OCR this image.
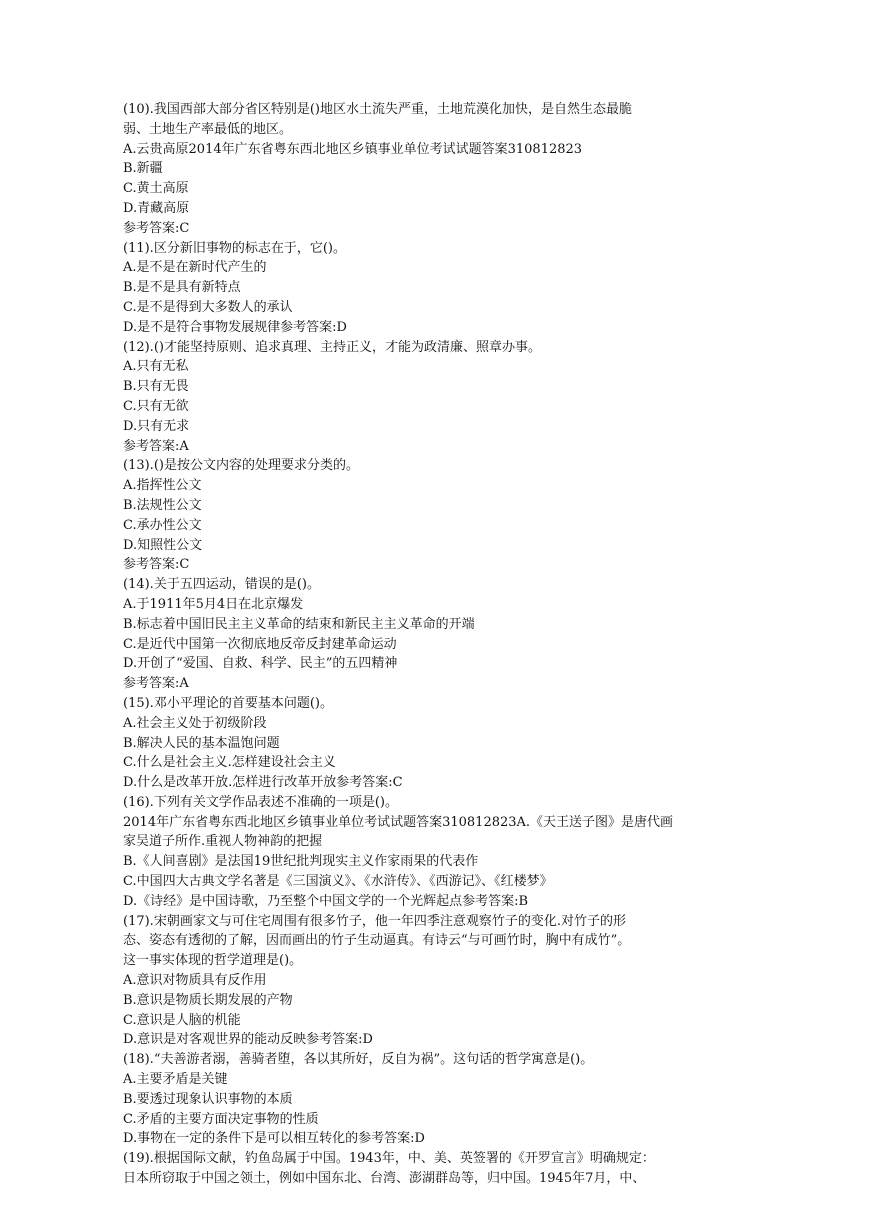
(10).我国西部大部分省区特别是()地区水土流失严重，土地荒漠化加快，是自然生态最脆
弱、土地生产率最低的地区。
A.云贵高原2014年广东省粤东西北地区乡镇事业单位考试试题答案310812823
B.新疆
C.黄土高原
D.青藏高原
参考答案:C
(11).区分新旧事物的标志在于，它()。
A.是不是在新时代产生的
B.是不是具有新特点
C.是不是得到大多数人的承认
D.是不是符合事物发展规律参考答案:D
(12).()才能坚持原则、追求真理、主持正义，才能为政清廉、照章办事。
A.只有无私
B.只有无畏
C.只有无欲
D.只有无求
参考答案:A
(13).()是按公文内容的处理要求分类的。
A.指挥性公文
B.法规性公文
C.承办性公文
D.知照性公文
参考答案:C
(14).关于五四运动，错误的是()。
A.于1911年5月4日在北京爆发
B.标志着中国旧民主主义革命的结束和新民主主义革命的开端
C.是近代中国第一次彻底地反帝反封建革命运动
D.开创了“爱国、自救、科学、民主”的五四精神
参考答案:A
(15).邓小平理论的首要基本问题()。
A.社会主义处于初级阶段
B.解决人民的基本温饱问题
C.什么是社会主义.怎样建设社会主义
D.什么是改革开放.怎样进行改革开放参考答案:C
(16).下列有关文学作品表述不准确的一项是()。
2014年广东省粤东西北地区乡镇事业单位考试试题答案310812823A.《天王送子图》是唐代画
家吴道子所作.重视人物神韵的把握
B.《人间喜剧》是法国19世纪批判现实主义作家雨果的代表作
C.中国四大古典文学名著是《三国演义》、《水浒传》、《西游记》、《红楼梦》
D.《诗经》是中国诗歌，乃至整个中国文学的一个光辉起点参考答案:B
(17).宋朝画家文与可住宅周围有很多竹子，他一年四季注意观察竹子的变化.对竹子的形
态、姿态有透彻的了解，因而画出的竹子生动逼真。有诗云“与可画竹时，胸中有成竹”。
这一事实体现的哲学道理是()。
A.意识对物质具有反作用
B.意识是物质长期发展的产物
C.意识是人脑的机能
D.意识是对客观世界的能动反映参考答案:D
(18).“夫善游者溺，善骑者堕，各以其所好，反自为祸”。这句话的哲学寓意是()。
A.主要矛盾是关键
B.要透过现象认识事物的本质
C.矛盾的主要方面决定事物的性质
D.事物在一定的条件下是可以相互转化的参考答案:D
(19).根据国际文献，钓鱼岛属于中国。1943年，中、美、英签署的《开罗宣言》明确规定：
日本所窃取于中国之领土，例如中国东北、台湾、澎湖群岛等，归中国。1945年7月，中、
